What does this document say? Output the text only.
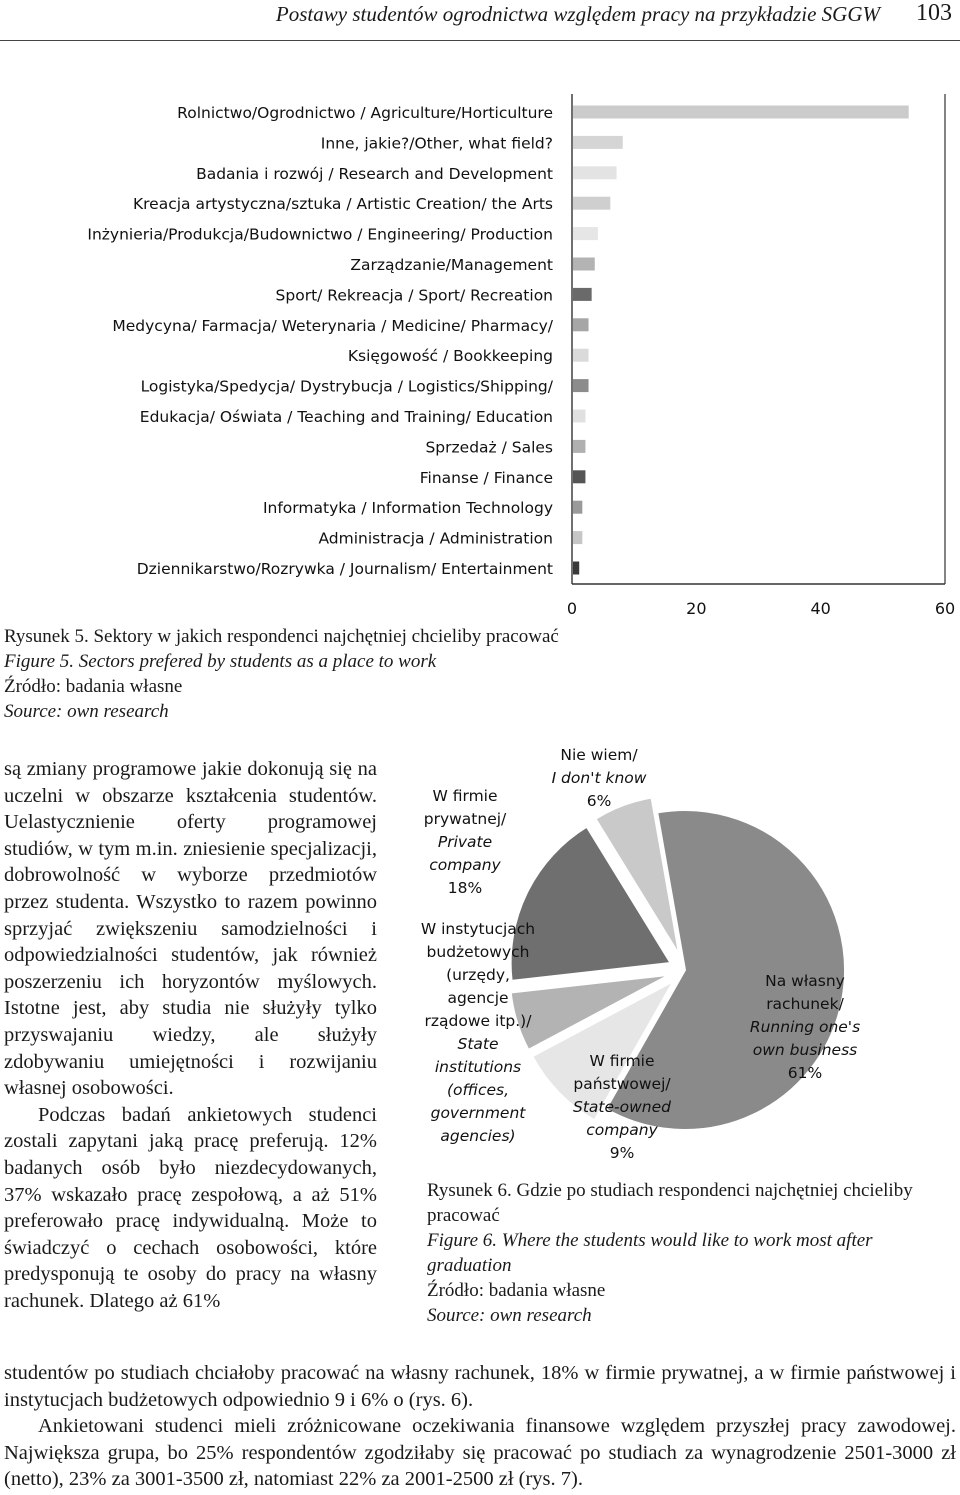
Postawy studentów ogrodnictwa względem pracy na przykładzie SGGW 103
Rolnictwo/Ogrodnictwo / Agriculture/Horticulture
Inne, jakie?/Other, what field?
Badania i rozwój / Research and Development
Kreacja artystyczna/sztuka / Artistic Creation/ the Arts
Inżynieria/Produkcja/Budownictwo / Engineering/ Production
Zarządzanie/Management
Sport/ Rekreacja / Sport/ Recreation
Medycyna/ Farmacja/ Weterynaria / Medicine/ Pharmacy/
Księgowość / Bookkeeping
Logistyka/Spedycja/ Dystrybucja / Logistics/Shipping/
Edukacja/ Oświata / Teaching and Training/ Education
Sprzedaż / Sales
Finanse / Finance
Informatyka / Information Technology
Administracja / Administration
Dziennikarstwo/Rozrywka / Journalism/ Entertainment
0	20	40	60
Rysunek 5. Sektory w jakich respondenci najchętniej chcieliby pracować
Figure 5. Sectors prefered by students as a place to work
Źródło: badania własne
Source: own research

są zmiany programowe jakie dokonują się na uczelni w obszarze kształcenia studentów. Uelastycznienie oferty programowej studiów, w tym m.in. zniesienie specjalizacji, dobrowolność w wyborze przedmiotów przez studenta. Wszystko to razem powinno sprzyjać zwiększeniu samodzielności i odpowiedzialności studentów, jak również poszerzeniu ich horyzontów myślowych. Istotne jest, aby studia nie służyły tylko przyswajaniu wiedzy, ale służyły zdobywaniu umiejętności i rozwijaniu własnej osobowości.

Podczas badań ankietowych studenci zostali zapytani jaką pracę preferują. 12% badanych osób było niezdecydowanych, 37% wskazało pracę zespołową, a aż 51% preferowało pracę indywidualną. Może to świadczyć o cechach osobowości, które predysponują te osoby do pracy na własny rachunek. Dlatego aż 61%

Na własny
rachunek/
Running one's
own business
61%
W firmie
państwowej/
State-owned
company
9%
W instytucjach
budżetowych
(urzędy,
agencje
rządowe itp.)/
State
institutions
(offices,
government
agencies)
W firmie
prywatnej/
Private
company
18%
Nie wiem/
I don't know
6%
Rysunek 6. Gdzie po studiach respondenci najchętniej chcieliby pracować
Figure 6. Where the students would like to work most after graduation
Źródło: badania własne
Source: own research

studentów po studiach chciałoby pracować na własny rachunek, 18% w firmie prywatnej, a w firmie państwowej i instytucjach budżetowych odpowiednio 9 i 6% o (rys. 6).

Ankietowani studenci mieli zróżnicowane oczekiwania finansowe względem przyszłej pracy zawodowej. Największa grupa, bo 25% respondentów zgodziłaby się pracować po studiach za wynagrodzenie 2501-3000 zł (netto), 23% za 3001-3500 zł, natomiast 22% za 2001-2500 zł (rys. 7).
